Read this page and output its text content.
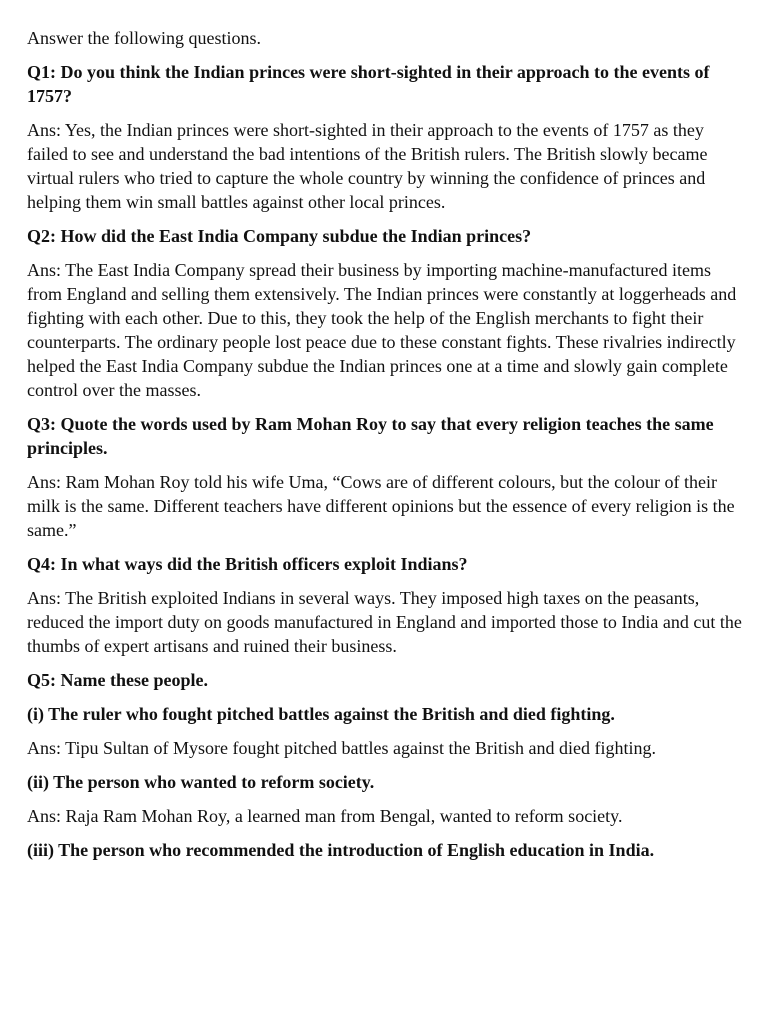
Answer the following questions.

Q1: Do you think the Indian princes were short-sighted in their approach to the events of 1757?

Ans: Yes, the Indian princes were short-sighted in their approach to the events of 1757 as they failed to see and understand the bad intentions of the British rulers. The British slowly became virtual rulers who tried to capture the whole country by winning the confidence of princes and helping them win small battles against other local princes.

Q2: How did the East India Company subdue the Indian princes?

Ans: The East India Company spread their business by importing machine-manufactured items from England and selling them extensively. The Indian princes were constantly at loggerheads and fighting with each other. Due to this, they took the help of the English merchants to fight their counterparts. The ordinary people lost peace due to these constant fights. These rivalries indirectly helped the East India Company subdue the Indian princes one at a time and slowly gain complete control over the masses.

Q3: Quote the words used by Ram Mohan Roy to say that every religion teaches the same principles.

Ans: Ram Mohan Roy told his wife Uma, “Cows are of different colours, but the colour of their milk is the same. Different teachers have different opinions but the essence of every religion is the same.”

Q4: In what ways did the British officers exploit Indians?

Ans: The British exploited Indians in several ways. They imposed high taxes on the peasants, reduced the import duty on goods manufactured in England and imported those to India and cut the thumbs of expert artisans and ruined their business.

Q5: Name these people.

(i) The ruler who fought pitched battles against the British and died fighting.

Ans: Tipu Sultan of Mysore fought pitched battles against the British and died fighting.

(ii) The person who wanted to reform society.

Ans: Raja Ram Mohan Roy, a learned man from Bengal, wanted to reform society.

(iii) The person who recommended the introduction of English education in India.
